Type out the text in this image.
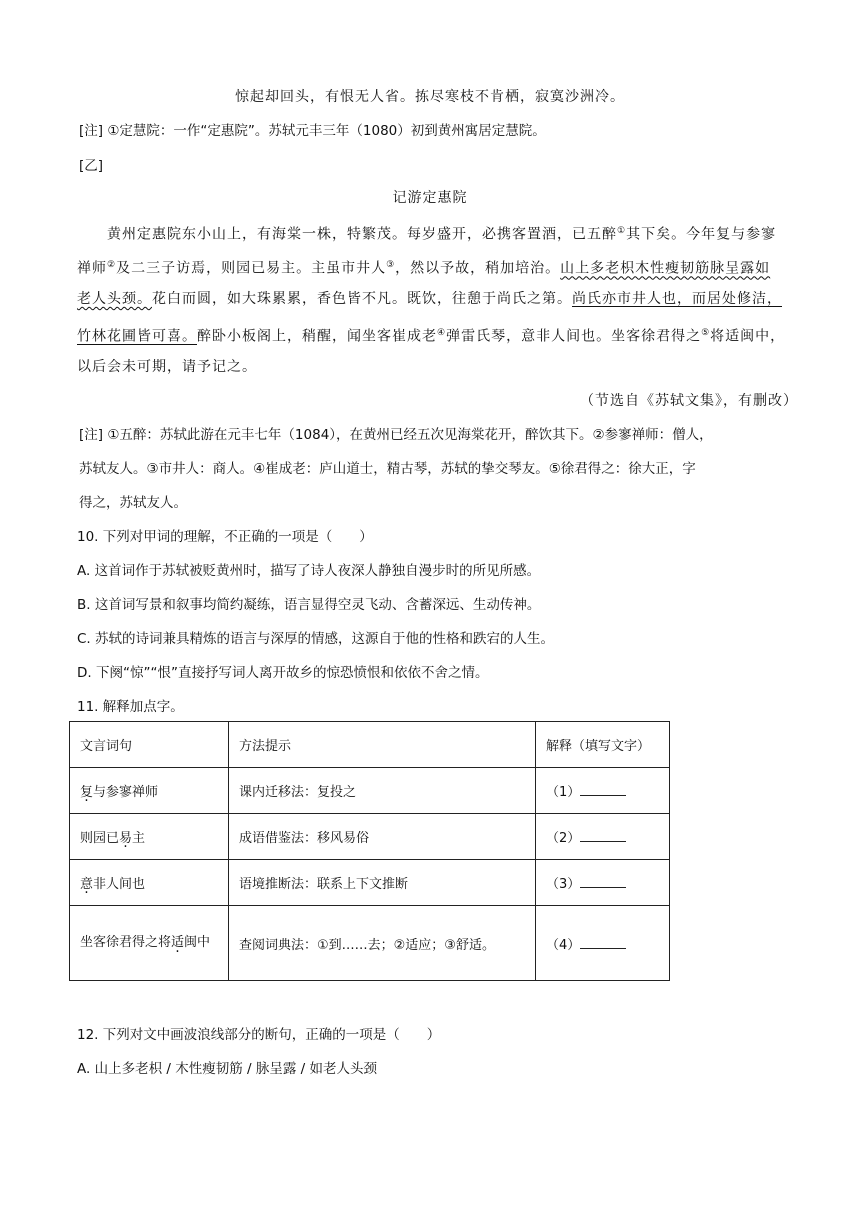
惊起却回头，有恨无人省。拣尽寒枝不肯栖，寂寞沙洲冷。
[注] ①定慧院：一作“定惠院”。苏轼元丰三年（1080）初到黄州寓居定慧院。
[乙]
记游定惠院
黄州定惠院东小山上，有海棠一株，特繁茂。每岁盛开，必携客置酒，已五醉①其下矣。今年复与参寥
禅师②及二三子访焉，则园已易主。主虽市井人③，然以予故，稍加培治。山上多老枳木性瘦韧筋脉呈露如
老人头颈。花白而圆，如大珠累累，香色皆不凡。既饮，往憩于尚氏之第。尚氏亦市井人也，而居处修洁，
竹林花圃皆可喜。醉卧小板阁上，稍醒，闻坐客崔成老④弹雷氏琴，意非人间也。坐客徐君得之⑤将适闽中，
以后会未可期，请予记之。
（节选自《苏轼文集》，有删改）
[注] ①五醉：苏轼此游在元丰七年（1084），在黄州已经五次见海棠花开，醉饮其下。②参寥禅师：僧人，
苏轼友人。③市井人：商人。④崔成老：庐山道士，精古琴，苏轼的挚交琴友。⑤徐君得之：徐大正，字
得之，苏轼友人。
10. 下列对甲词的理解，不正确的一项是（　　）
A. 这首词作于苏轼被贬黄州时，描写了诗人夜深人静独自漫步时的所见所感。
B. 这首词写景和叙事均简约凝练，语言显得空灵飞动、含蓄深远、生动传神。
C. 苏轼的诗词兼具精炼的语言与深厚的情感，这源自于他的性格和跌宕的人生。
D. 下阕“惊”“恨”直接抒写词人离开故乡的惊恐愤恨和依依不舍之情。
11. 解释加点字。
文言词句	方法提示	解释（填写文字）
复与参寥禅师	课内迁移法：复投之	（1）
则园已易主	成语借鉴法：移风易俗	（2）
意非人间也	语境推断法：联系上下文推断	（3）
坐客徐君得之将适闽中	查阅词典法：①到……去；②适应；③舒适。	（4）
12. 下列对文中画波浪线部分的断句，正确的一项是（　　）
A. 山上多老枳 / 木性瘦韧筋 / 脉呈露 / 如老人头颈
